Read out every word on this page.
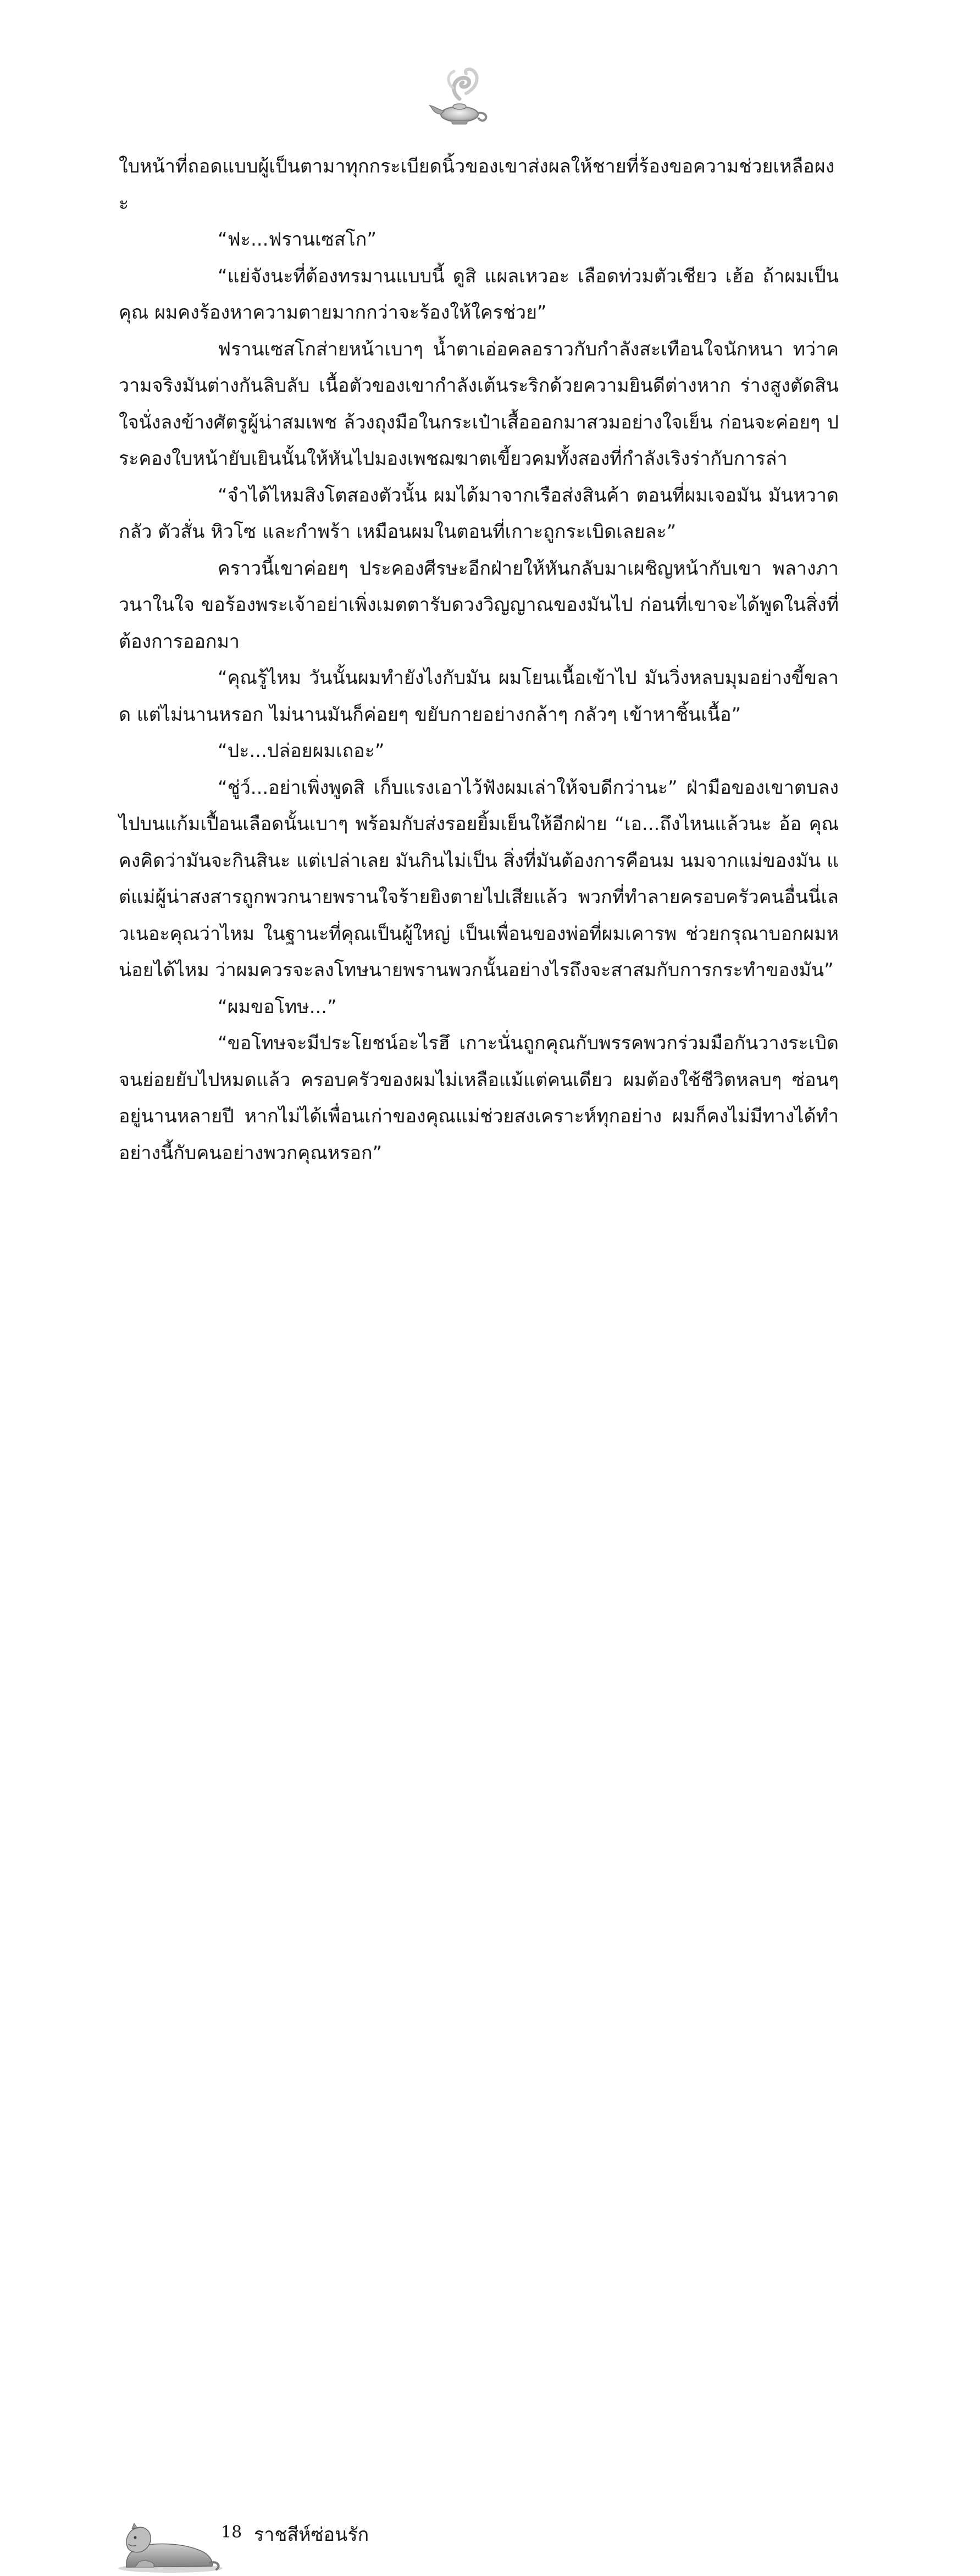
ใบหน้าที่ถอดแบบผู้เป็นตามาทุกกระเบียดนิ้วของเขาส่งผลให้ชายที่ร้องขอความช่วยเหลือผงะ

“ฟะ...ฟรานเซสโก”

“แย่จังนะที่ต้องทรมานแบบนี้ ดูสิ แผลเหวอะ เลือดท่วมตัวเชียว เฮ้อ ถ้าผมเป็นคุณ ผมคงร้องหาความตายมากกว่าจะร้องให้ใครช่วย”

ฟรานเซสโกส่ายหน้าเบาๆ น้ำตาเอ่อคลอราวกับกำลังสะเทือนใจนักหนา ทว่าความจริงมันต่างกันลิบลับ เนื้อตัวของเขากำลังเต้นระริกด้วยความยินดีต่างหาก ร่างสูงตัดสินใจนั่งลงข้างศัตรูผู้น่าสมเพช ล้วงถุงมือในกระเป๋าเสื้อออกมาสวมอย่างใจเย็น ก่อนจะค่อยๆ ประคองใบหน้ายับเยินนั้นให้หันไปมองเพชฌฆาตเขี้ยวคมทั้งสองที่กำลังเริงร่ากับการล่า

“จำได้ไหมสิงโตสองตัวนั้น ผมได้มาจากเรือส่งสินค้า ตอนที่ผมเจอมัน มันหวาดกลัว ตัวสั่น หิวโซ และกำพร้า เหมือนผมในตอนที่เกาะถูกระเบิดเลยละ”

คราวนี้เขาค่อยๆ ประคองศีรษะอีกฝ่ายให้หันกลับมาเผชิญหน้ากับเขา พลางภาวนาในใจ ขอร้องพระเจ้าอย่าเพิ่งเมตตารับดวงวิญญาณของมันไป ก่อนที่เขาจะได้พูดในสิ่งที่ต้องการออกมา

“คุณรู้ไหม วันนั้นผมทำยังไงกับมัน ผมโยนเนื้อเข้าไป มันวิ่งหลบมุมอย่างขี้ขลาด แต่ไม่นานหรอก ไม่นานมันก็ค่อยๆ ขยับกายอย่างกล้าๆ กลัวๆ เข้าหาชิ้นเนื้อ”

“ปะ...ปล่อยผมเถอะ”

“ชู่ว์...อย่าเพิ่งพูดสิ เก็บแรงเอาไว้ฟังผมเล่าให้จบดีกว่านะ” ฝ่ามือของเขาตบลงไปบนแก้มเปื้อนเลือดนั้นเบาๆ พร้อมกับส่งรอยยิ้มเย็นให้อีกฝ่าย “เอ...ถึงไหนแล้วนะ อ้อ คุณคงคิดว่ามันจะกินสินะ แต่เปล่าเลย มันกินไม่เป็น สิ่งที่มันต้องการคือนม นมจากแม่ของมัน แต่แม่ผู้น่าสงสารถูกพวกนายพรานใจร้ายยิงตายไปเสียแล้ว พวกที่ทำลายครอบครัวคนอื่นนี่เลวเนอะคุณว่าไหม ในฐานะที่คุณเป็นผู้ใหญ่ เป็นเพื่อนของพ่อที่ผมเคารพ ช่วยกรุณาบอกผมหน่อยได้ไหม ว่าผมควรจะลงโทษนายพรานพวกนั้นอย่างไรถึงจะสาสมกับการกระทำของมัน”

“ผมขอโทษ...”

“ขอโทษจะมีประโยชน์อะไรฮึ เกาะนั่นถูกคุณกับพรรคพวกร่วมมือกันวางระเบิดจนย่อยยับไปหมดแล้ว ครอบครัวของผมไม่เหลือแม้แต่คนเดียว ผมต้องใช้ชีวิตหลบๆ ซ่อนๆ อยู่นานหลายปี หากไม่ได้เพื่อนเก่าของคุณแม่ช่วยสงเคราะห์ทุกอย่าง ผมก็คงไม่มีทางได้ทำอย่างนี้กับคนอย่างพวกคุณหรอก”

18 ราชสีห์ซ่อนรัก
